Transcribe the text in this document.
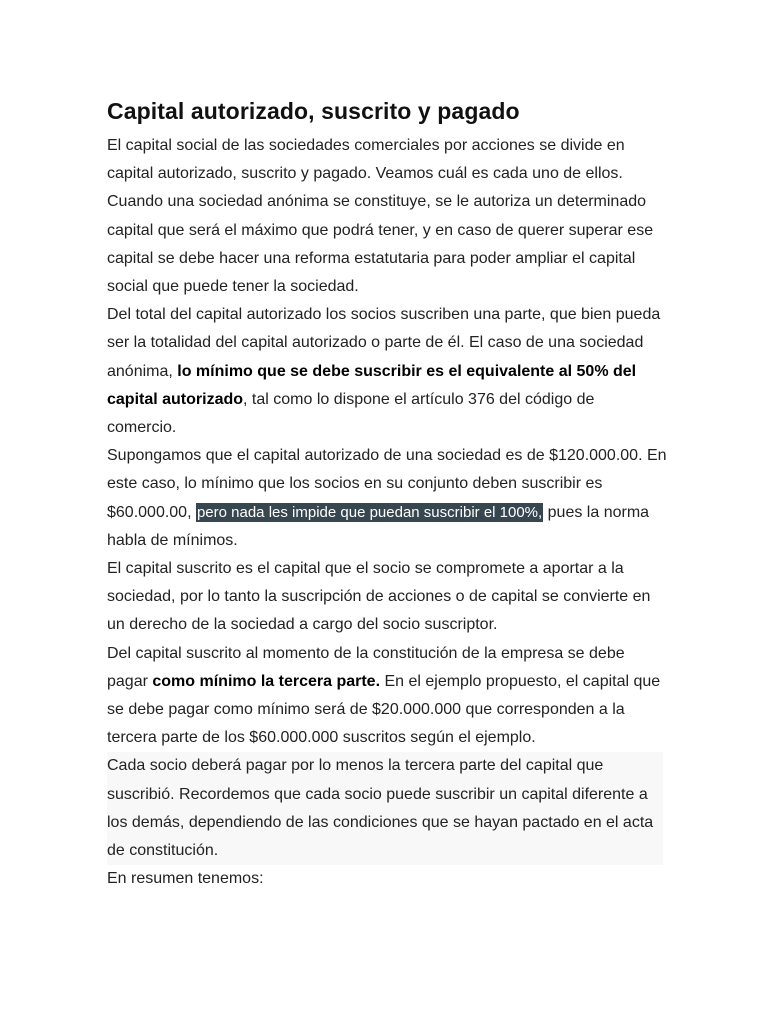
Capital autorizado, suscrito y pagado

El capital social de las sociedades comerciales por acciones se divide en capital autorizado, suscrito y pagado. Veamos cuál es cada uno de ellos.

Cuando una sociedad anónima se constituye, se le autoriza un determinado capital que será el máximo que podrá tener, y en caso de querer superar ese capital se debe hacer una reforma estatutaria para poder ampliar el capital social que puede tener la sociedad.

Del total del capital autorizado los socios suscriben una parte, que bien pueda ser la totalidad del capital autorizado o parte de él. El caso de una sociedad anónima, lo mínimo que se debe suscribir es el equivalente al 50% del capital autorizado, tal como lo dispone el artículo 376 del código de comercio.

Supongamos que el capital autorizado de una sociedad es de $120.000.00. En este caso, lo mínimo que los socios en su conjunto deben suscribir es $60.000.00, pero nada les impide que puedan suscribir el 100%, pues la norma habla de mínimos.

El capital suscrito es el capital que el socio se compromete a aportar a la sociedad, por lo tanto la suscripción de acciones o de capital se convierte en un derecho de la sociedad a cargo del socio suscriptor.

Del capital suscrito al momento de la constitución de la empresa se debe pagar como mínimo la tercera parte. En el ejemplo propuesto, el capital que se debe pagar como mínimo será de $20.000.000 que corresponden a la tercera parte de los $60.000.000 suscritos según el ejemplo.

Cada socio deberá pagar por lo menos la tercera parte del capital que suscribió. Recordemos que cada socio puede suscribir un capital diferente a los demás, dependiendo de las condiciones que se hayan pactado en el acta de constitución.

En resumen tenemos:
